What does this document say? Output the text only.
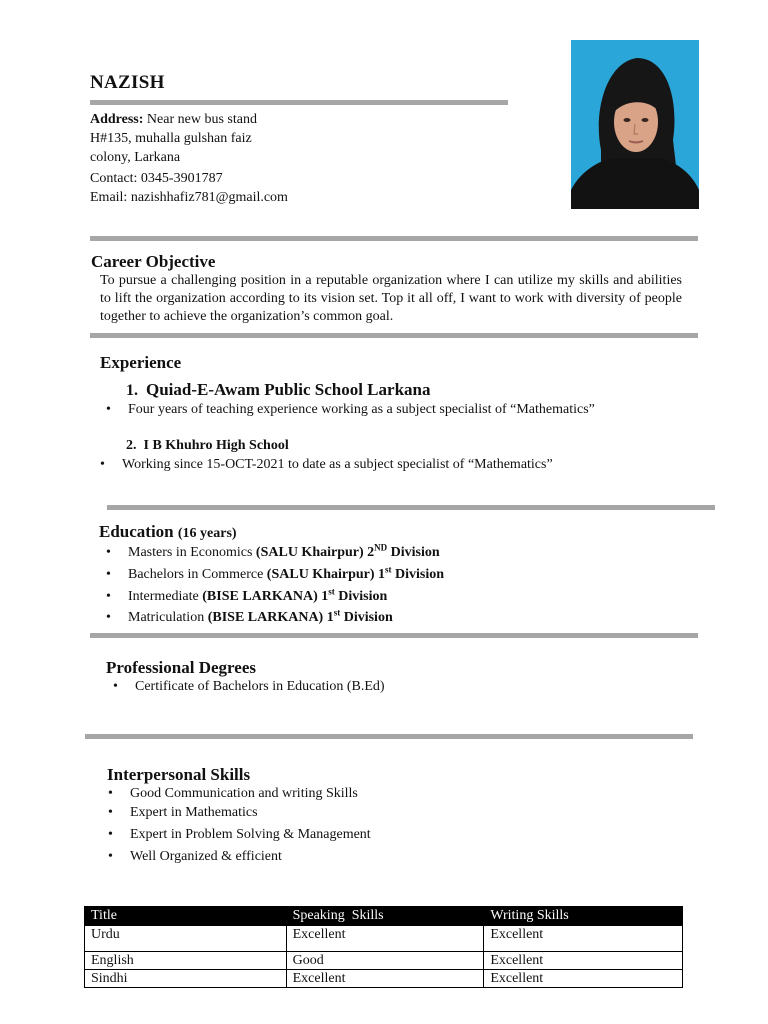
NAZISH
Address: Near new bus stand
H#135, muhalla gulshan faiz
colony, Larkana
Contact: 0345-3901787
Email: nazishhafiz781@gmail.com
Career Objective
To pursue a challenging position in a reputable organization where I can utilize my skills and abilities to lift the organization according to its vision set. Top it all off, I want to work with diversity of people together to achieve the organization’s common goal.
Experience
1. Quiad-E-Awam Public School Larkana
• Four years of teaching experience working as a subject specialist of “Mathematics”
2. I B Khuhro High School
• Working since 15-OCT-2021 to date as a subject specialist of “Mathematics”
Education (16 years)
• Masters in Economics (SALU Khairpur) 2ND Division
• Bachelors in Commerce (SALU Khairpur) 1st Division
• Intermediate (BISE LARKANA) 1st Division
• Matriculation (BISE LARKANA) 1st Division
Professional Degrees
• Certificate of Bachelors in Education (B.Ed)
Interpersonal Skills
• Good Communication and writing Skills
• Expert in Mathematics
• Expert in Problem Solving & Management
• Well Organized & efficient
Title	Speaking  Skills	Writing Skills
Urdu	Excellent	Excellent
English	Good	Excellent
Sindhi	Excellent	Excellent
